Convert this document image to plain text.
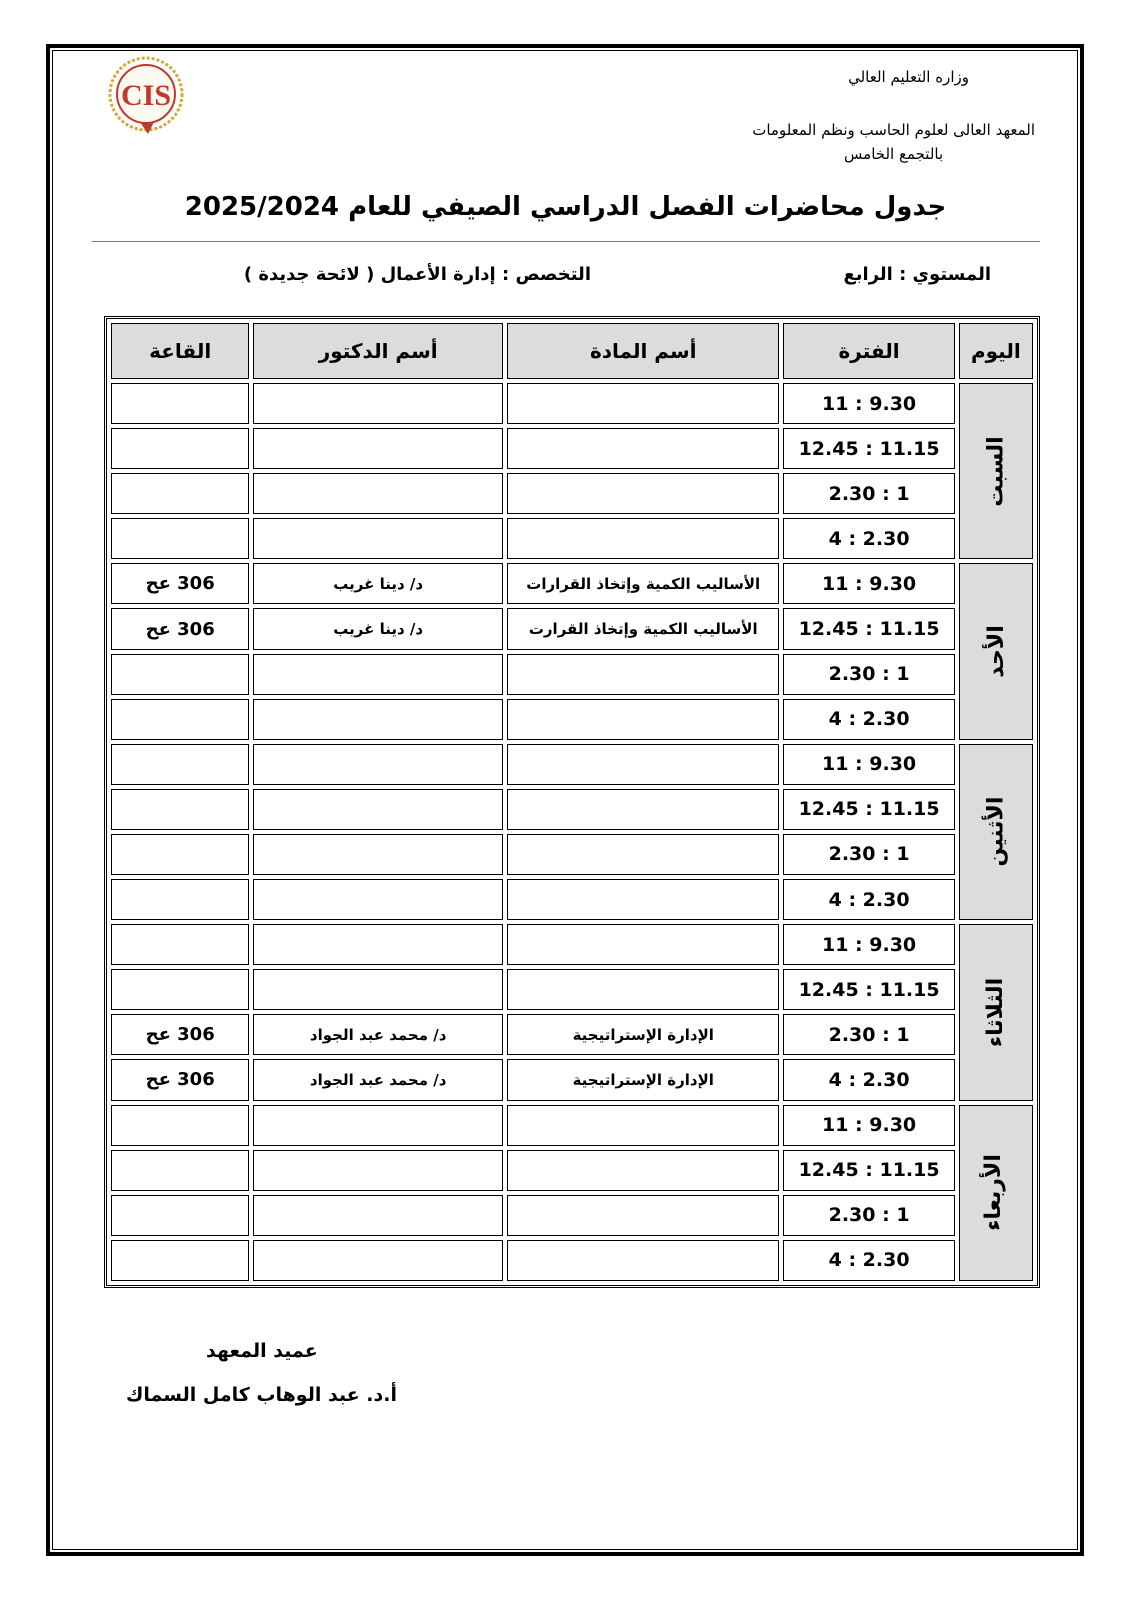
CIS
وزاره التعليم العالي
المعهد العالى لعلوم الحاسب ونظم المعلومات
بالتجمع الخامس
جدول محاضرات الفصل الدراسي الصيفي للعام 2025/2024
المستوي : الرابع
التخصص : إدارة الأعمال ( لائحة جديدة )
اليوم	الفترة	أسم المادة	أسم الدكتور	القاعة
السبت	11 : 9.30			
	12.45 : 11.15			
	2.30 : 1			
	4 : 2.30			
الأحد	11 : 9.30	الأساليب الكمية وإتخاذ القرارات	د/ دينا غريب	306 عح
	12.45 : 11.15	الأساليب الكمية وإتخاذ القرارت	د/ دينا غريب	306 عح
	2.30 : 1			
	4 : 2.30			
الأثنين	11 : 9.30			
	12.45 : 11.15			
	2.30 : 1			
	4 : 2.30			
الثلاثاء	11 : 9.30			
	12.45 : 11.15			
	2.30 : 1	الإدارة الإستراتيجية	د/ محمد عبد الجواد	306 عح
	4 : 2.30	الإدارة الإستراتيجية	د/ محمد عبد الجواد	306 عح
الأربعاء	11 : 9.30			
	12.45 : 11.15			
	2.30 : 1			
	4 : 2.30			
عميد المعهد
أ.د. عبد الوهاب كامل السماك
